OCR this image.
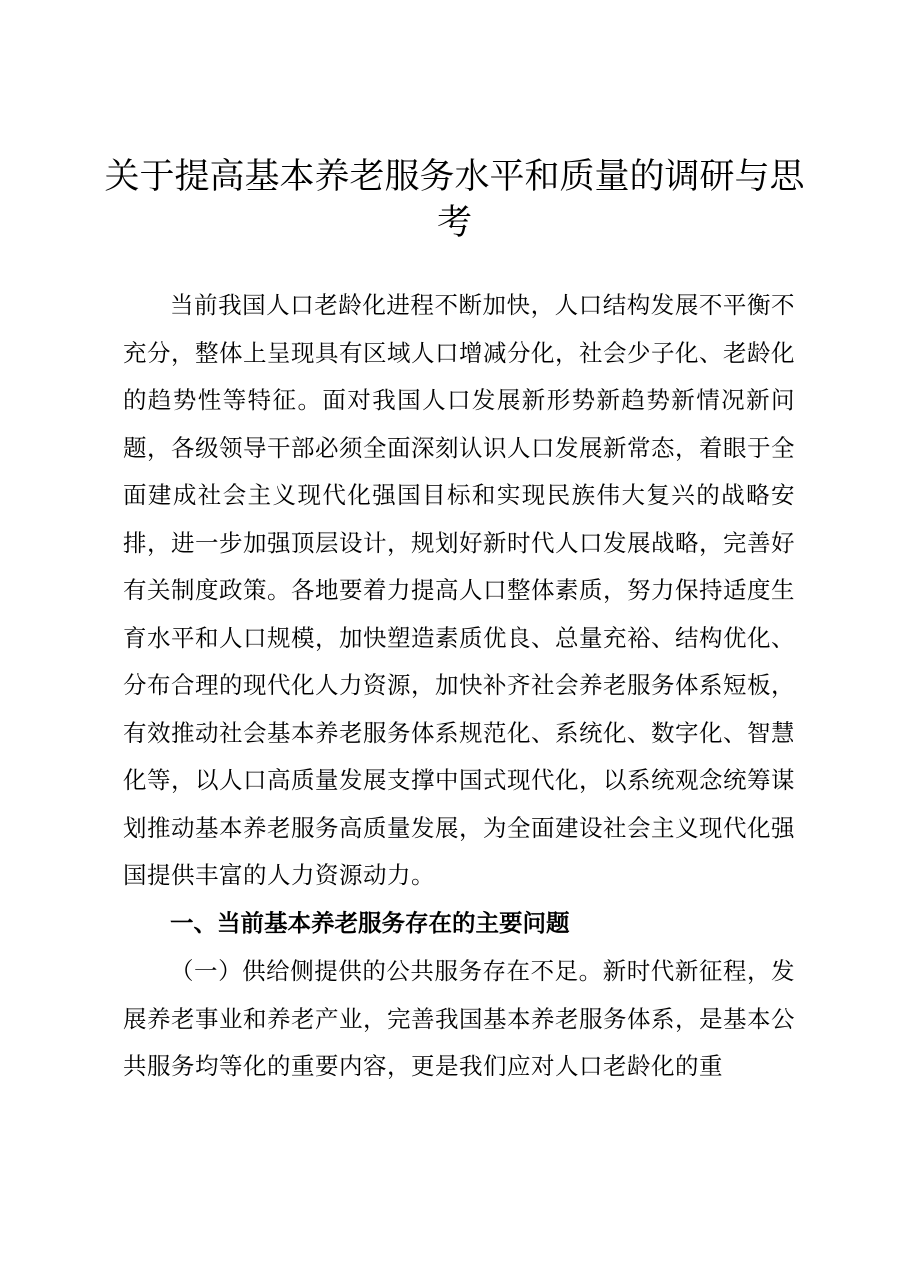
关于提高基本养老服务水平和质量的调研与思考

当前我国人口老龄化进程不断加快，人口结构发展不平衡不充分，整体上呈现具有区域人口增减分化，社会少子化、老龄化的趋势性等特征。面对我国人口发展新形势新趋势新情况新问题，各级领导干部必须全面深刻认识人口发展新常态，着眼于全面建成社会主义现代化强国目标和实现民族伟大复兴的战略安排，进一步加强顶层设计，规划好新时代人口发展战略，完善好有关制度政策。各地要着力提高人口整体素质，努力保持适度生育水平和人口规模，加快塑造素质优良、总量充裕、结构优化、分布合理的现代化人力资源，加快补齐社会养老服务体系短板，有效推动社会基本养老服务体系规范化、系统化、数字化、智慧化等，以人口高质量发展支撑中国式现代化，以系统观念统筹谋划推动基本养老服务高质量发展，为全面建设社会主义现代化强国提供丰富的人力资源动力。

一、当前基本养老服务存在的主要问题

（一）供给侧提供的公共服务存在不足。新时代新征程，发展养老事业和养老产业，完善我国基本养老服务体系，是基本公共服务均等化的重要内容，更是我们应对人口老龄化的重
